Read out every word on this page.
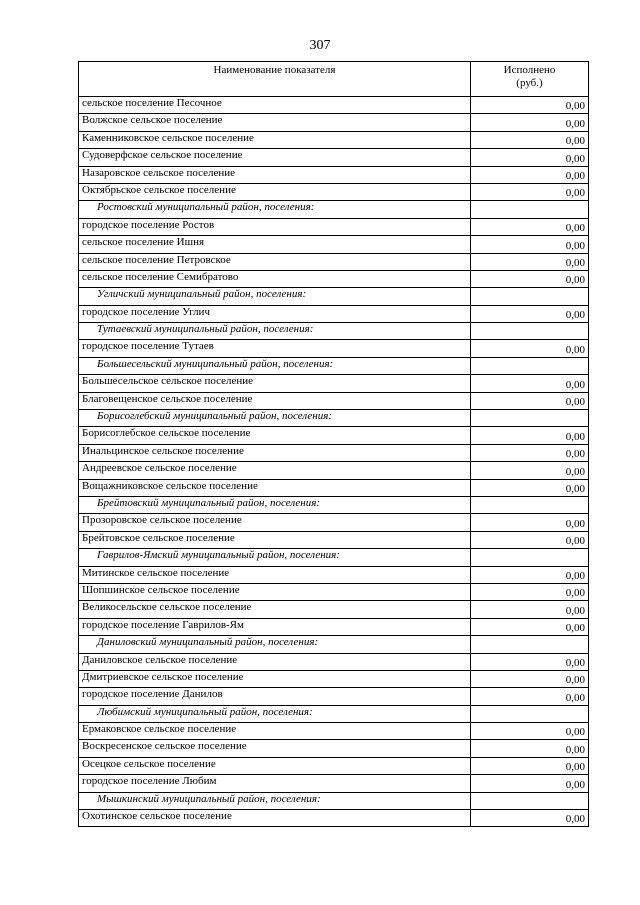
307
Наименование показателя	Исполнено
(руб.)
сельское поселение Песочное	0,00
Волжское сельское поселение	0,00
Каменниковское сельское поселение	0,00
Судоверфское сельское поселение	0,00
Назаровское сельское поселение	0,00
Октябрьское сельское поселение	0,00
Ростовский муниципальный район, поселения:	
городское поселение Ростов	0,00
сельское поселение Ишня	0,00
сельское поселение Петровское	0,00
сельское поселение Семибратово	0,00
Угличский муниципальный район, поселения:	
городское поселение Углич	0,00
Тутаевский муниципальный район, поселения:	
городское поселение Тутаев	0,00
Большесельский муниципальный район, поселения:	
Большесельское сельское поселение	0,00
Благовещенское сельское поселение	0,00
Борисоглебский муниципальный район, поселения:	
Борисоглебское сельское поселение	0,00
Инальцинское сельское поселение	0,00
Андреевское сельское поселение	0,00
Вощажниковское сельское поселение	0,00
Брейтовский муниципальный район, поселения:	
Прозоровское сельское поселение	0,00
Брейтовское сельское поселение	0,00
Гаврилов-Ямский муниципальный район, поселения:	
Митинское сельское поселение	0,00
Шопшинское сельское поселение	0,00
Великосельское сельское поселение	0,00
городское поселение Гаврилов-Ям	0,00
Даниловский муниципальный район, поселения:	
Даниловское сельское поселение	0,00
Дмитриевское сельское поселение	0,00
городское поселение Данилов	0,00
Любимский муниципальный район, поселения:	
Ермаковское сельское поселение	0,00
Воскресенское сельское поселение	0,00
Осецкое сельское поселение	0,00
городское поселение Любим	0,00
Мышкинский муниципальный район, поселения:	
Охотинское сельское поселение	0,00
